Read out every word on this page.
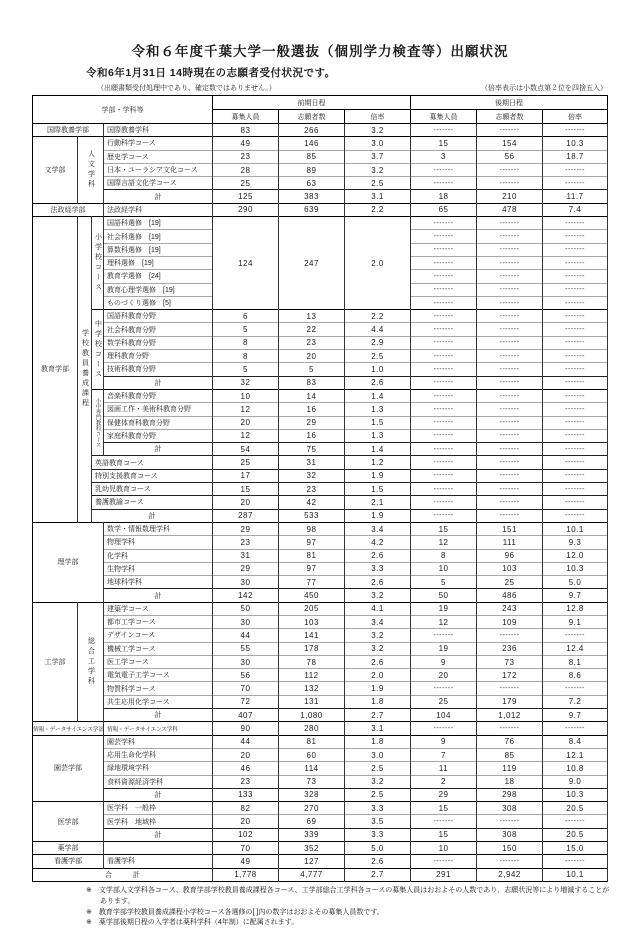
令和６年度千葉大学一般選抜（個別学力検査等）出願状況
令和6年1月31日 14時現在の志願者受付状況です。
（出願書類受付処理中であり、確定数ではありません。）	（倍率表示は小数点第２位を四捨五入）
学部・学科等				前期日程			後期日程		
				募集人員	志願者数	倍率	募集人員	志願者数	倍率
国際教養学部			国際教養学科	83	266	3.2	-------	-------	-------
文学部	人文学科		行動科学コース	49	146	3.0	15	154	10.3
			歴史学コース	23	85	3.7	3	56	18.7
			日本・ユーラシア文化コース	28	89	3.2	-------	-------	-------
			国際言語文化学コース	25	63	2.5	-------	-------	-------
			計	125	383	3.1	18	210	11.7
法政経学部			法政経学科	290	639	2.2	65	478	7.4
教育学部	学校教員養成課程	小学校コース	国語科選修　[19]	124	247	2.0	-------	-------	-------
			社会科選修　[19]				-------	-------	-------
			算数科選修　[19]				-------	-------	-------
			理科選修　[19]				-------	-------	-------
			教育学選修　[24]				-------	-------	-------
			教育心理学選修　[19]				-------	-------	-------
			ものづくり選修　[5]				-------	-------	-------
		中学校コース	国語科教育分野	6	13	2.2	-------	-------	-------
			社会科教育分野	5	22	4.4	-------	-------	-------
			数学科教育分野	8	23	2.9	-------	-------	-------
			理科教育分野	8	20	2.5	-------	-------	-------
			技術科教育分野	5	5	1.0	-------	-------	-------
			計	32	83	2.6	-------	-------	-------
		小中専門教科コース	音楽科教育分野	10	14	1.4	-------	-------	-------
			図画工作・美術科教育分野	12	16	1.3	-------	-------	-------
			保健体育科教育分野	20	29	1.5	-------	-------	-------
			家庭科教育分野	12	16	1.3	-------	-------	-------
			計	54	75	1.4	-------	-------	-------
		英語教育コース		25	31	1.2	-------	-------	-------
		特別支援教育コース		17	32	1.9	-------	-------	-------
		乳幼児教育コース		15	23	1.5	-------	-------	-------
		養護教諭コース		20	42	2.1	-------	-------	-------
		計		287	533	1.9	-------	-------	-------
理学部			数学・情報数理学科	29	98	3.4	15	151	10.1
			物理学科	23	97	4.2	12	111	9.3
			化学科	31	81	2.6	8	96	12.0
			生物学科	29	97	3.3	10	103	10.3
			地球科学科	30	77	2.6	5	25	5.0
			計	142	450	3.2	50	486	9.7
工学部	総合工学科		建築学コース	50	205	4.1	19	243	12.8
			都市工学コース	30	103	3.4	12	109	9.1
			デザインコース	44	141	3.2	-------	-------	-------
			機械工学コース	55	178	3.2	19	236	12.4
			医工学コース	30	78	2.6	9	73	8.1
			電気電子工学コース	56	112	2.0	20	172	8.6
			物質科学コース	70	132	1.9	-------	-------	-------
			共生応用化学コース	72	131	1.8	25	179	7.2
			計	407	1,080	2.7	104	1,012	9.7
情報・データサイエンス学部			情報・データサイエンス学科	90	280	3.1	-------	-------	-------
園芸学部			園芸学科	44	81	1.8	9	76	8.4
			応用生命化学科	20	60	3.0	7	85	12.1
			緑地環境学科	46	114	2.5	11	119	10.8
			食料資源経済学科	23	73	3.2	2	18	9.0
			計	133	328	2.5	29	298	10.3
医学部			医学科　一般枠	82	270	3.3	15	308	20.5
			医学科　地域枠	20	69	3.5	-------	-------	-------
			計	102	339	3.3	15	308	20.5
薬学部				70	352	5.0	10	150	15.0
看護学部			看護学科	49	127	2.6	-------	-------	-------
合　　　計				1,778	4,777	2.7	291	2,942	10.1
※　文学部人文学科各コース、教育学部学校教員養成課程各コース、工学部総合工学科各コースの募集人員はおおよその人数であり、志願状況等により増減することがあります。
※　教育学部学校教員養成課程小学校コース各選修の[ ]内の数字はおおよその募集人員数です。
※　薬学部後期日程の入学者は薬科学科（4年制）に配属されます。
